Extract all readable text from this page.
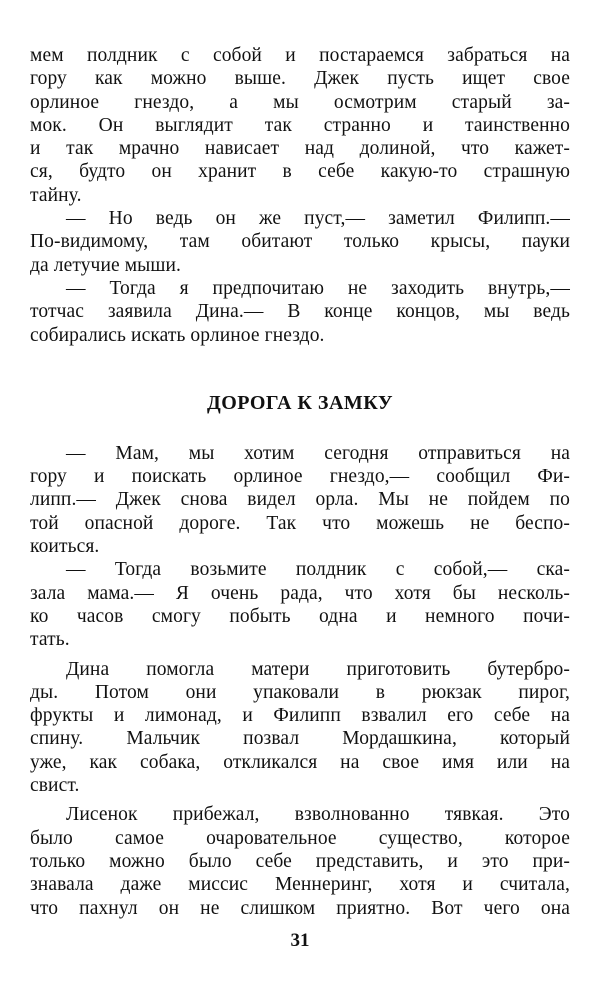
мем полдник с собой и постараемся забраться на
гору как можно выше. Джек пусть ищет свое
орлиное гнездо, а мы осмотрим старый за-
мок. Он выглядит так странно и таинственно
и так мрачно нависает над долиной, что кажет-
ся, будто он хранит в себе какую-то страшную
тайну.
— Но ведь он же пуст,— заметил Филипп.—
По-видимому, там обитают только крысы, пауки
да летучие мыши.
— Тогда я предпочитаю не заходить внутрь,—
тотчас заявила Дина.— В конце концов, мы ведь
собирались искать орлиное гнездо.
ДОРОГА К ЗАМКУ
— Мам, мы хотим сегодня отправиться на
гору и поискать орлиное гнездо,— сообщил Фи-
липп.— Джек снова видел орла. Мы не пойдем по
той опасной дороге. Так что можешь не беспо-
коиться.
— Тогда возьмите полдник с собой,— ска-
зала мама.— Я очень рада, что хотя бы несколь-
ко часов смогу побыть одна и немного почи-
тать.
Дина помогла матери приготовить бутербро-
ды. Потом они упаковали в рюкзак пирог,
фрукты и лимонад, и Филипп взвалил его себе на
спину. Мальчик позвал Мордашкина, который
уже, как собака, откликался на свое имя или на
свист.
Лисенок прибежал, взволнованно тявкая. Это
было самое очаровательное существо, которое
только можно было себе представить, и это при-
знавала даже миссис Меннеринг, хотя и считала,
что пахнул он не слишком приятно. Вот чего она
31
